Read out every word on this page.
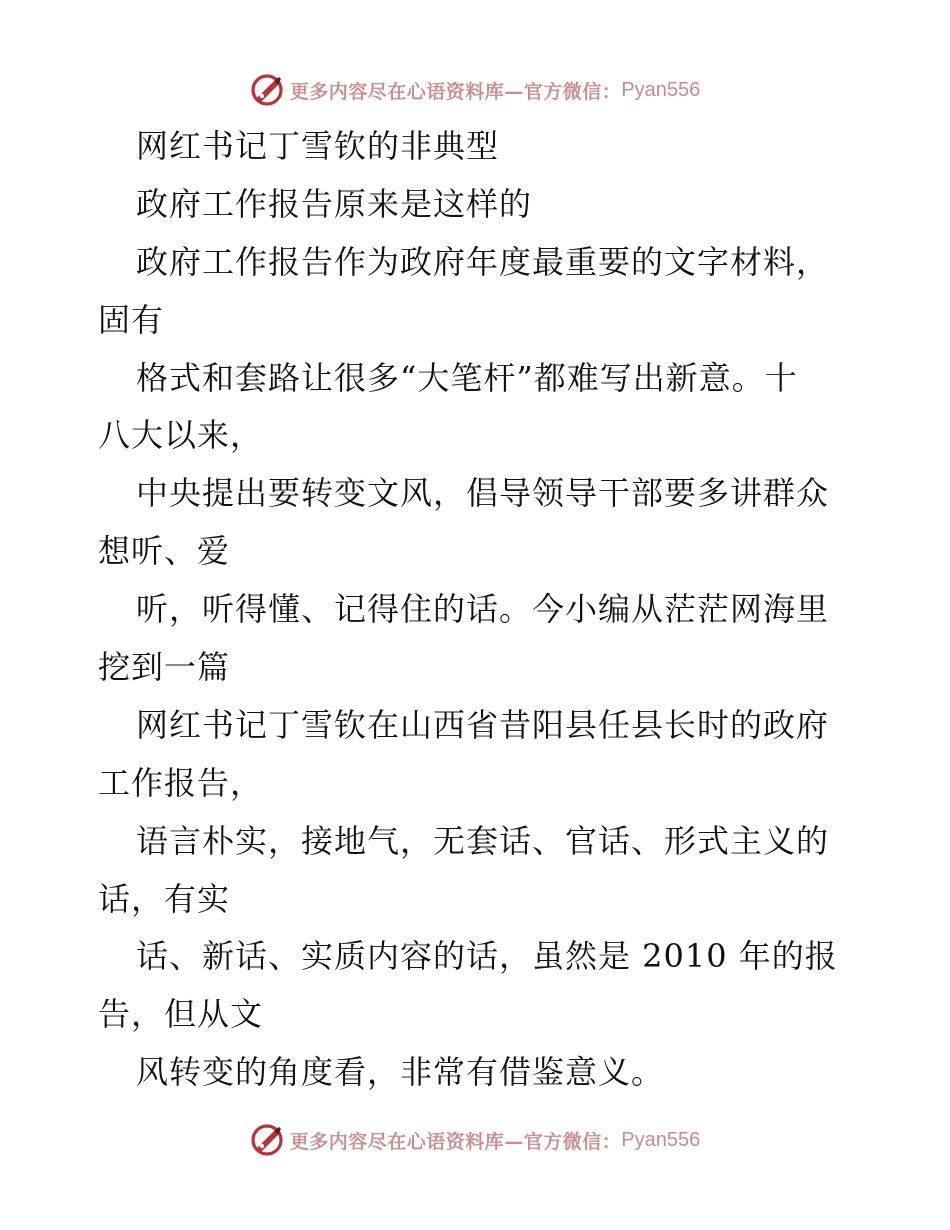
更多内容尽在心语资料库—官方微信： Pyan556
网红书记丁雪钦的非典型
政府工作报告原来是这样的
政府工作报告作为政府年度最重要的文字材料，
固有
格式和套路让很多“大笔杆”都难写出新意。十
八大以来，
中央提出要转变文风，倡导领导干部要多讲群众
想听、爱
听，听得懂、记得住的话。今小编从茫茫网海里
挖到一篇
网红书记丁雪钦在山西省昔阳县任县长时的政府
工作报告，
语言朴实，接地气，无套话、官话、形式主义的
话，有实
话、新话、实质内容的话，虽然是 2010 年的报
告，但从文
风转变的角度看，非常有借鉴意义。
更多内容尽在心语资料库—官方微信： Pyan556
